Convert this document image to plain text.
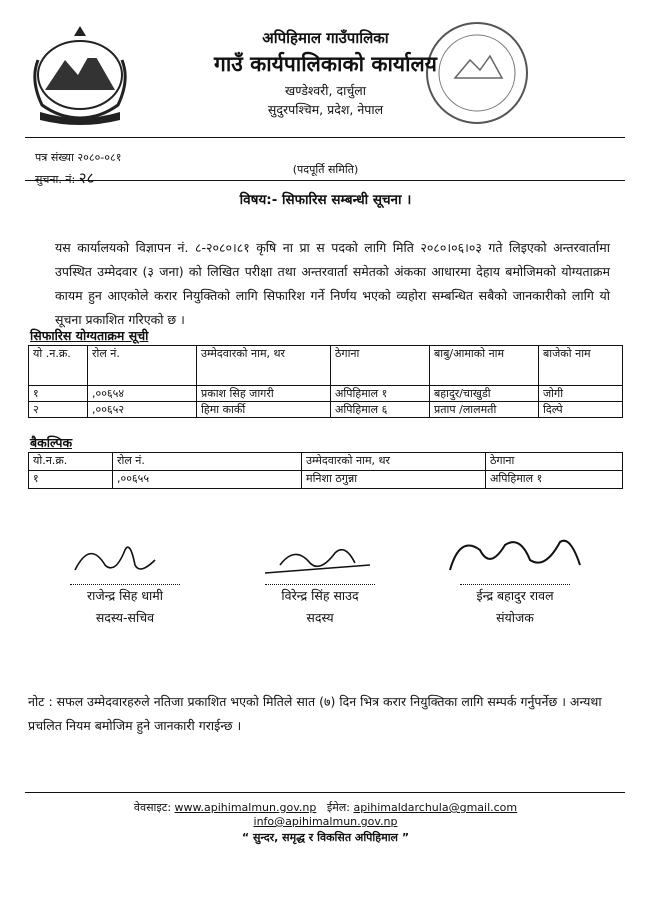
अपिहिमाल गाउँपालिका
गाउँ कार्यपालिकाको कार्यालय
खण्डेश्वरी, दार्चुला
सुदुरपश्चिम, प्रदेश, नेपाल
पत्र संख्या २०८०-०८१
सुचना. नं: २८	(पदपूर्ति समिति)
विषय:- सिफारिस सम्बन्धी सूचना ।
यस कार्यालयको विज्ञापन नं. ८-२०८०।८१ कृषि ना प्रा स पदको लागि मिति २०८०।०६।०३ गते लिइएको अन्तरवार्तामा उपस्थित उम्मेदवार (३ जना) को लिखित परीक्षा तथा अन्तरवार्ता समेतको अंकका आधारमा देहाय बमोजिमको योग्यताक्रम कायम हुन आएकोले करार नियुक्तिको लागि सिफारिश गर्ने निर्णय भएको व्यहोरा सम्बन्धित सबैको जानकारीको लागि यो सूचना प्रकाशित गरिएको छ ।
सिफारिस योग्यताक्रम सूची
यो .न.क्र.	रोल नं.	उम्मेदवारको नाम, थर	ठेगाना	बाबु/आमाको नाम	बाजेको नाम
१	,००६५४	प्रकाश सिह जागरी	अपिहिमाल १	बहादुर/चाखुडी	जोगी
२	,००६५२	हिमा कार्की	अपिहिमाल ६	प्रताप /लालमती	दिल्पे
बैकल्पिक
यो.न.क्र.	रोल नं.	उम्मेदवारको नाम, थर	ठेगाना
१	,००६५५	मनिशा ठगुन्ना	अपिहिमाल १
राजेन्द्र सिह धामी
सदस्य-सचिव
विरेन्द्र सिंह साउद
सदस्य
ईन्द्र बहादुर रावल
संयोजक
नोट : सफल उम्मेदवारहरुले नतिजा प्रकाशित भएको मितिले सात (७) दिन भित्र करार नियुक्तिका लागि सम्पर्क गर्नुपर्नेछ । अन्यथा प्रचलित नियम बमोजिम हुने जानकारी गराईन्छ ।
वेवसाइट: www.apihimalmun.gov.np ईमेल: apihimaldarchula@gmail.com
info@apihimalmun.gov.np
“ सुन्दर, समृद्ध र विकसित अपिहिमाल ”
